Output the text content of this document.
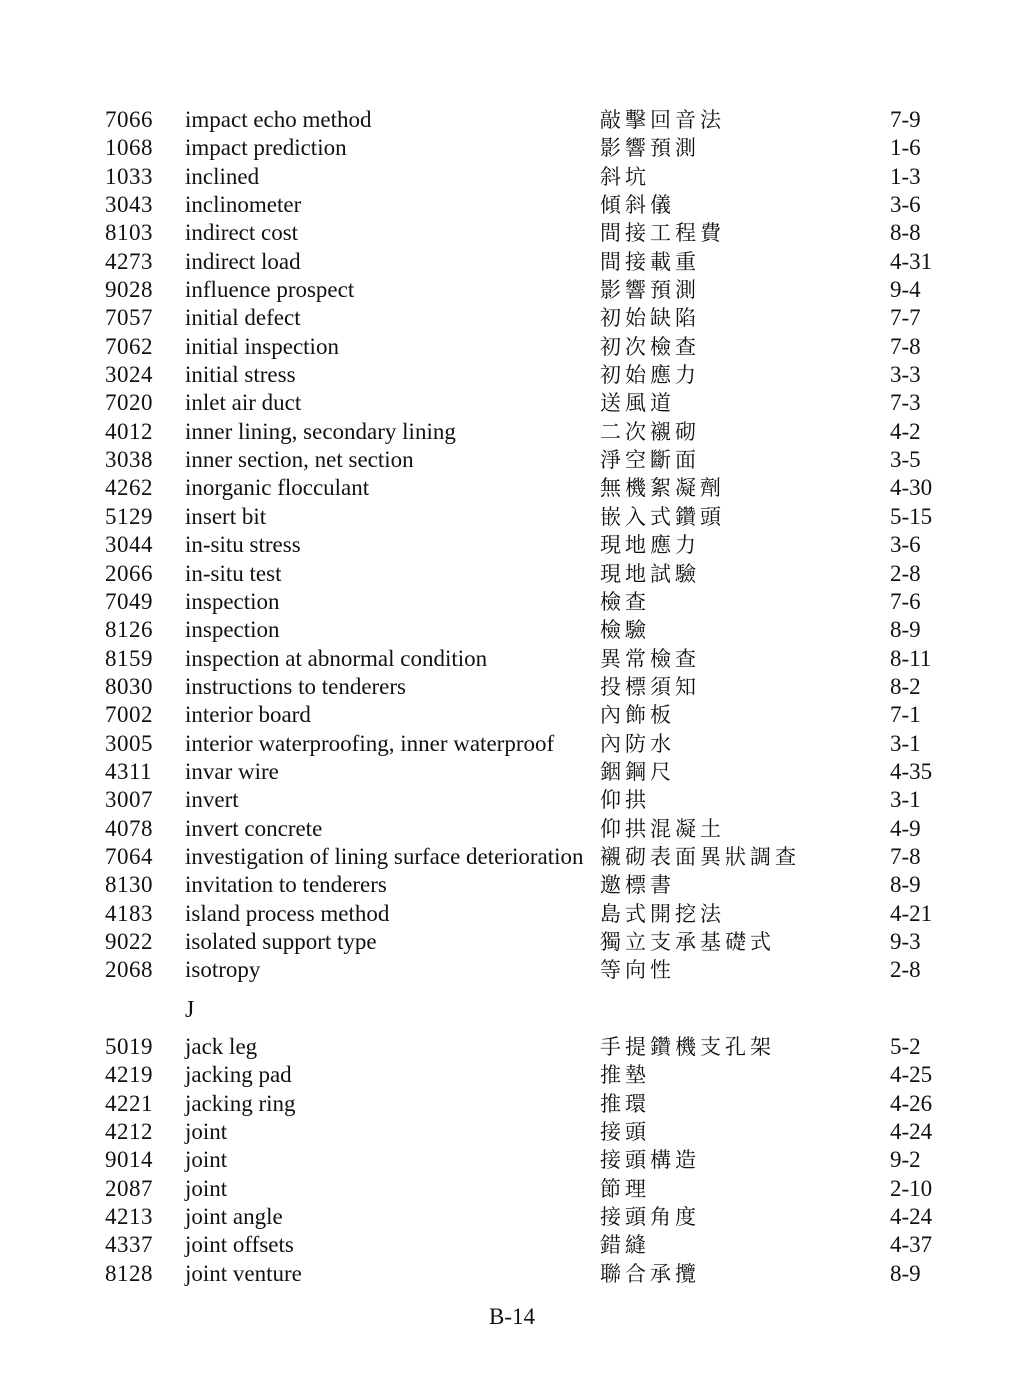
7066	impact echo method	敲擊回音法	7-9
1068	impact prediction	影響預測	1-6
1033	inclined	斜坑	1-3
3043	inclinometer	傾斜儀	3-6
8103	indirect cost	間接工程費	8-8
4273	indirect load	間接載重	4-31
9028	influence prospect	影響預測	9-4
7057	initial defect	初始缺陷	7-7
7062	initial inspection	初次檢查	7-8
3024	initial stress	初始應力	3-3
7020	inlet air duct	送風道	7-3
4012	inner lining, secondary lining	二次襯砌	4-2
3038	inner section, net section	淨空斷面	3-5
4262	inorganic flocculant	無機絮凝劑	4-30
5129	insert bit	嵌入式鑽頭	5-15
3044	in-situ stress	現地應力	3-6
2066	in-situ test	現地試驗	2-8
7049	inspection	檢查	7-6
8126	inspection	檢驗	8-9
8159	inspection at abnormal condition	異常檢查	8-11
8030	instructions to tenderers	投標須知	8-2
7002	interior board	內飾板	7-1
3005	interior waterproofing, inner waterproof	內防水	3-1
4311	invar wire	銦鋼尺	4-35
3007	invert	仰拱	3-1
4078	invert concrete	仰拱混凝土	4-9
7064	investigation of lining surface deterioration 襯砌表面異狀調查	7-8
8130	invitation to tenderers	邀標書	8-9
4183	island process method	島式開挖法	4-21
9022	isolated support type	獨立支承基礎式	9-3
2068	isotropy	等向性	2-8
J
5019	jack leg	手提鑽機支孔架	5-2
4219	jacking pad	推墊	4-25
4221	jacking ring	推環	4-26
4212	joint	接頭	4-24
9014	joint	接頭構造	9-2
2087	joint	節理	2-10
4213	joint angle	接頭角度	4-24
4337	joint offsets	錯縫	4-37
8128	joint venture	聯合承攬	8-9
B-14
